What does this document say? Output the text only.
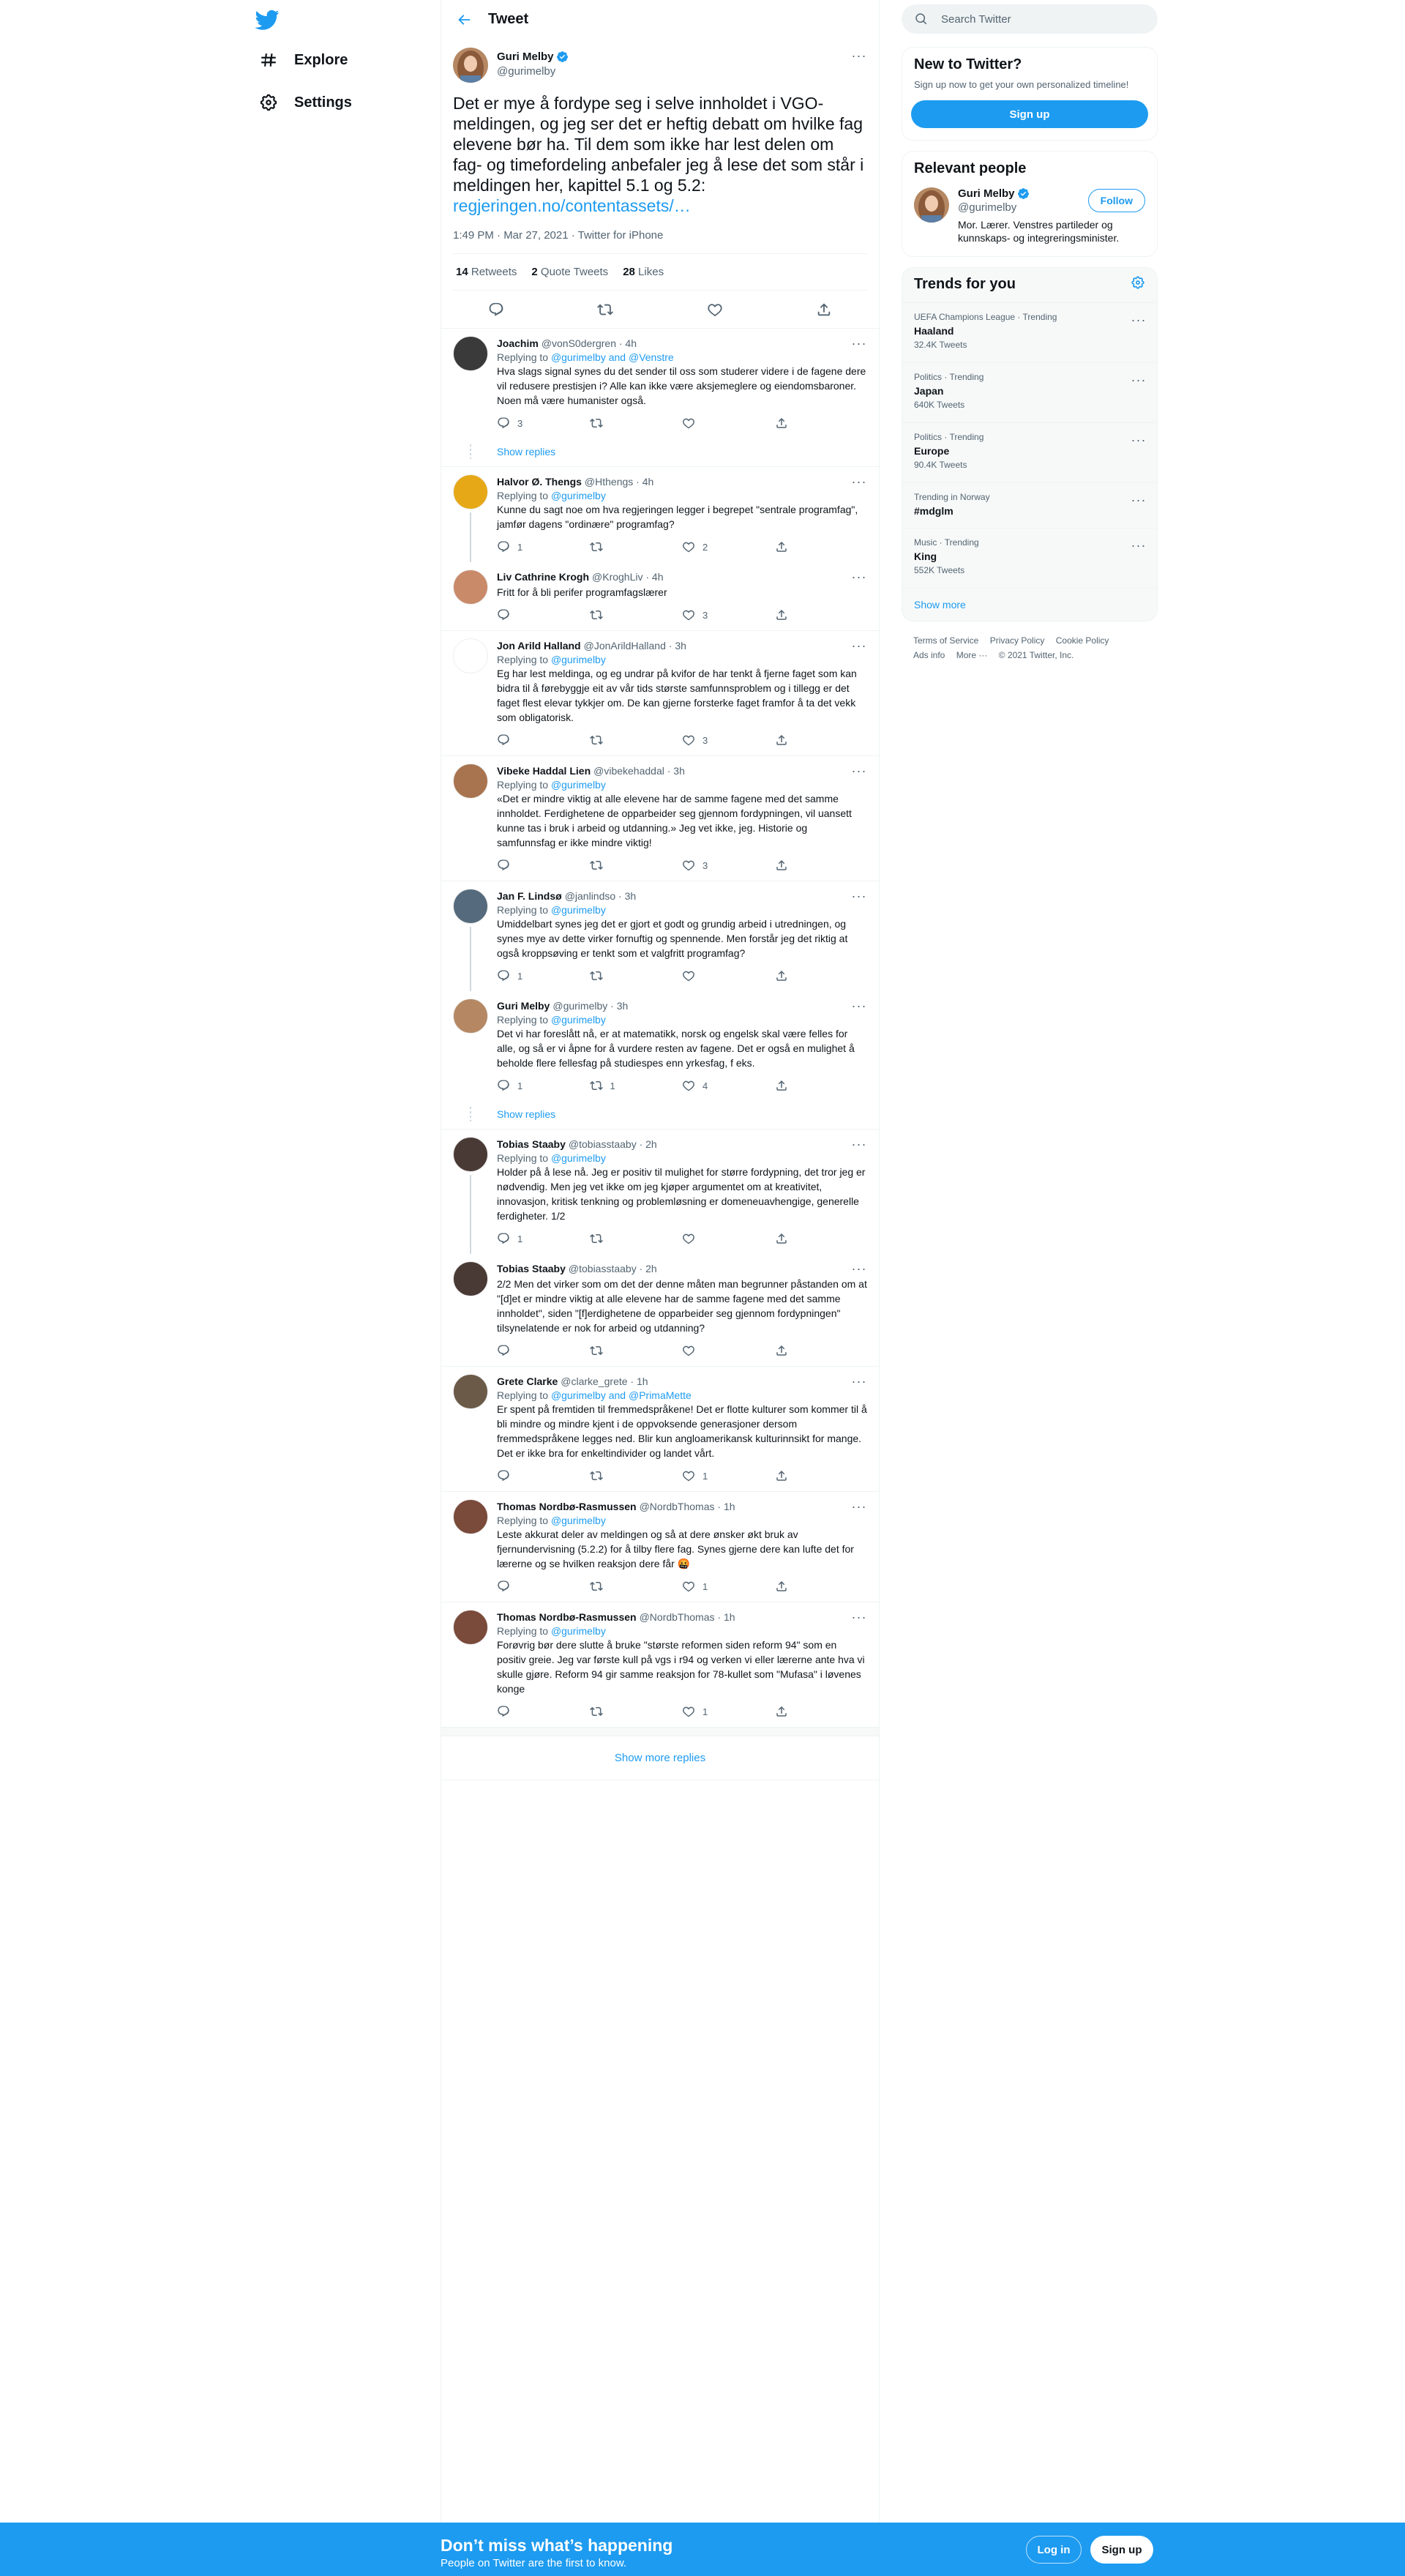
Explore
Settings
Tweet
Guri Melby
@gurimelby
···
Det er mye å fordype seg i selve innholdet i VGO-meldingen, og jeg ser det er heftig debatt om hvilke fag elevene bør ha. Til dem som ikke har lest delen om fag- og timefordeling anbefaler jeg å lese det som står i meldingen her, kapittel 5.1 og 5.2:
regjeringen.no/contentassets/…
1:49 PM · Mar 27, 2021 · Twitter for iPhone
14 Retweets 2 Quote Tweets 28 Likes
Joachim @vonS0dergren · 4h	···
Replying to @gurimelby and @Venstre
Hva slags signal synes du det sender til oss som studerer videre i de fagene dere vil redusere prestisjen i? Alle kan ikke være aksjemeglere og eiendomsbaroner. Noen må være humanister også.
3
Show replies
Halvor Ø. Thengs @Hthengs · 4h	···
Replying to @gurimelby
Kunne du sagt noe om hva regjeringen legger i begrepet "sentrale programfag", jamfør dagens "ordinære" programfag?
1	2
Liv Cathrine Krogh @KroghLiv · 4h	···
Fritt for å bli perifer programfagslærer
3
Jon Arild Halland @JonArildHalland · 3h	···
Replying to @gurimelby
Eg har lest meldinga, og eg undrar på kvifor de har tenkt å fjerne faget som kan bidra til å førebyggje eit av vår tids største samfunnsproblem og i tillegg er det faget flest elevar tykkjer om. De kan gjerne forsterke faget framfor å ta det vekk som obligatorisk.
3
Vibeke Haddal Lien @vibekehaddal · 3h	···
Replying to @gurimelby
«Det er mindre viktig at alle elevene har de samme fagene med det samme innholdet. Ferdighetene de opparbeider seg gjennom fordypningen, vil uansett kunne tas i bruk i arbeid og utdanning.» Jeg vet ikke, jeg. Historie og samfunnsfag er ikke mindre viktig!
3
Jan F. Lindsø @janlindso · 3h	···
Replying to @gurimelby
Umiddelbart synes jeg det er gjort et godt og grundig arbeid i utredningen, og synes mye av dette virker fornuftig og spennende. Men forstår jeg det riktig at også kroppsøving er tenkt som et valgfritt programfag?
1
Guri Melby @gurimelby · 3h	···
Replying to @gurimelby
Det vi har foreslått nå, er at matematikk, norsk og engelsk skal være felles for alle, og så er vi åpne for å vurdere resten av fagene. Det er også en mulighet å beholde flere fellesfag på studiespes enn yrkesfag, f eks.
1	1	4
Show replies
Tobias Staaby @tobiasstaaby · 2h	···
Replying to @gurimelby
Holder på å lese nå. Jeg er positiv til mulighet for større fordypning, det tror jeg er nødvendig. Men jeg vet ikke om jeg kjøper argumentet om at kreativitet, innovasjon, kritisk tenkning og problemløsning er domeneuavhengige, generelle ferdigheter. 1/2
1
Tobias Staaby @tobiasstaaby · 2h	···
2/2 Men det virker som om det der denne måten man begrunner påstanden om at "[d]et er mindre viktig at alle elevene har de samme fagene med det samme innholdet", siden "[f]erdighetene de opparbeider seg gjennom fordypningen" tilsynelatende er nok for arbeid og utdanning?
Grete Clarke @clarke_grete · 1h	···
Replying to @gurimelby and @PrimaMette
Er spent på fremtiden til fremmedspråkene! Det er flotte kulturer som kommer til å bli mindre og mindre kjent i de oppvoksende generasjoner dersom fremmedspråkene legges ned. Blir kun angloamerikansk kulturinnsikt for mange. Det er ikke bra for enkeltindivider og landet vårt.
1
Thomas Nordbø-Rasmussen @NordbThomas · 1h	···
Replying to @gurimelby
Leste akkurat deler av meldingen og så at dere ønsker økt bruk av fjernundervisning (5.2.2) for å tilby flere fag. Synes gjerne dere kan lufte det for lærerne og se hvilken reaksjon dere får 🤬
1
Thomas Nordbø-Rasmussen @NordbThomas · 1h	···
Replying to @gurimelby
Forøvrig bør dere slutte å bruke "største reformen siden reform 94" som en positiv greie. Jeg var første kull på vgs i r94 og verken vi eller lærerne ante hva vi skulle gjøre. Reform 94 gir samme reaksjon for 78-kullet som "Mufasa" i løvenes konge
1
Show more replies
Search Twitter
New to Twitter?
Sign up now to get your own personalized timeline!
Sign up
Relevant people
Guri Melby
@gurimelby
Mor. Lærer. Venstres partileder og kunnskaps- og integreringsminister.
Follow
Trends for you
UEFA Champions League · Trending
Haaland
32.4K Tweets
···
Politics · Trending
Japan
640K Tweets
···
Politics · Trending
Europe
90.4K Tweets
···
Trending in Norway
#mdglm
···
Music · Trending
King
552K Tweets
···
Show more
Terms of Service Privacy Policy Cookie Policy
Ads info More ··· © 2021 Twitter, Inc.
Don’t miss what’s happening
People on Twitter are the first to know.
Log in	Sign up
